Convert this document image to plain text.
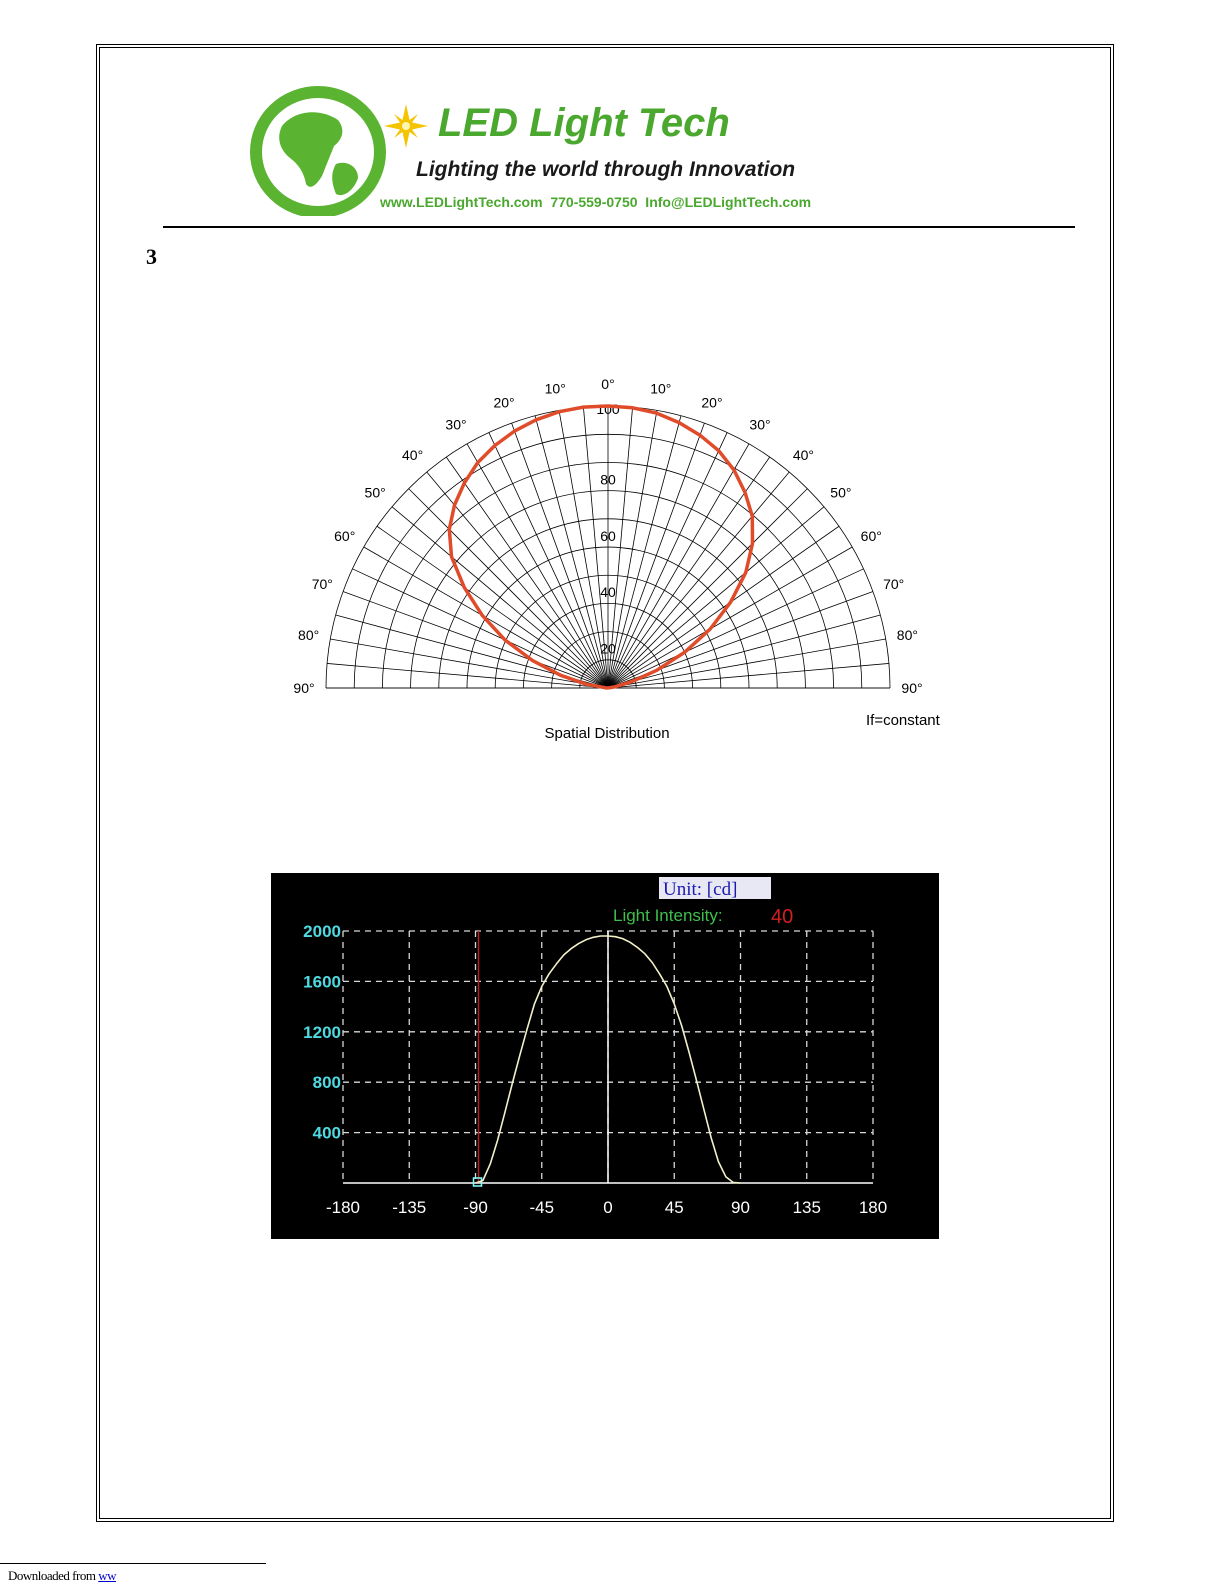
LED Light Tech
Lighting the world through Innovation
www.LEDLightTech.com  770-559-0750  Info@LEDLightTech.com
3
0°
10°
20°
30°
40°
50°
60°
70°
80°
90°
10°
20°
30°
40°
50°
60°
70°
80°
90°
20
40
60
80
100
Spatial Distribution
If=constant
-180 -135 -90 -45	0	45	90	135 180
2000
1600
1200
800
400
Unit: [cd]
Light Intensity: 40
Downloaded from ww
